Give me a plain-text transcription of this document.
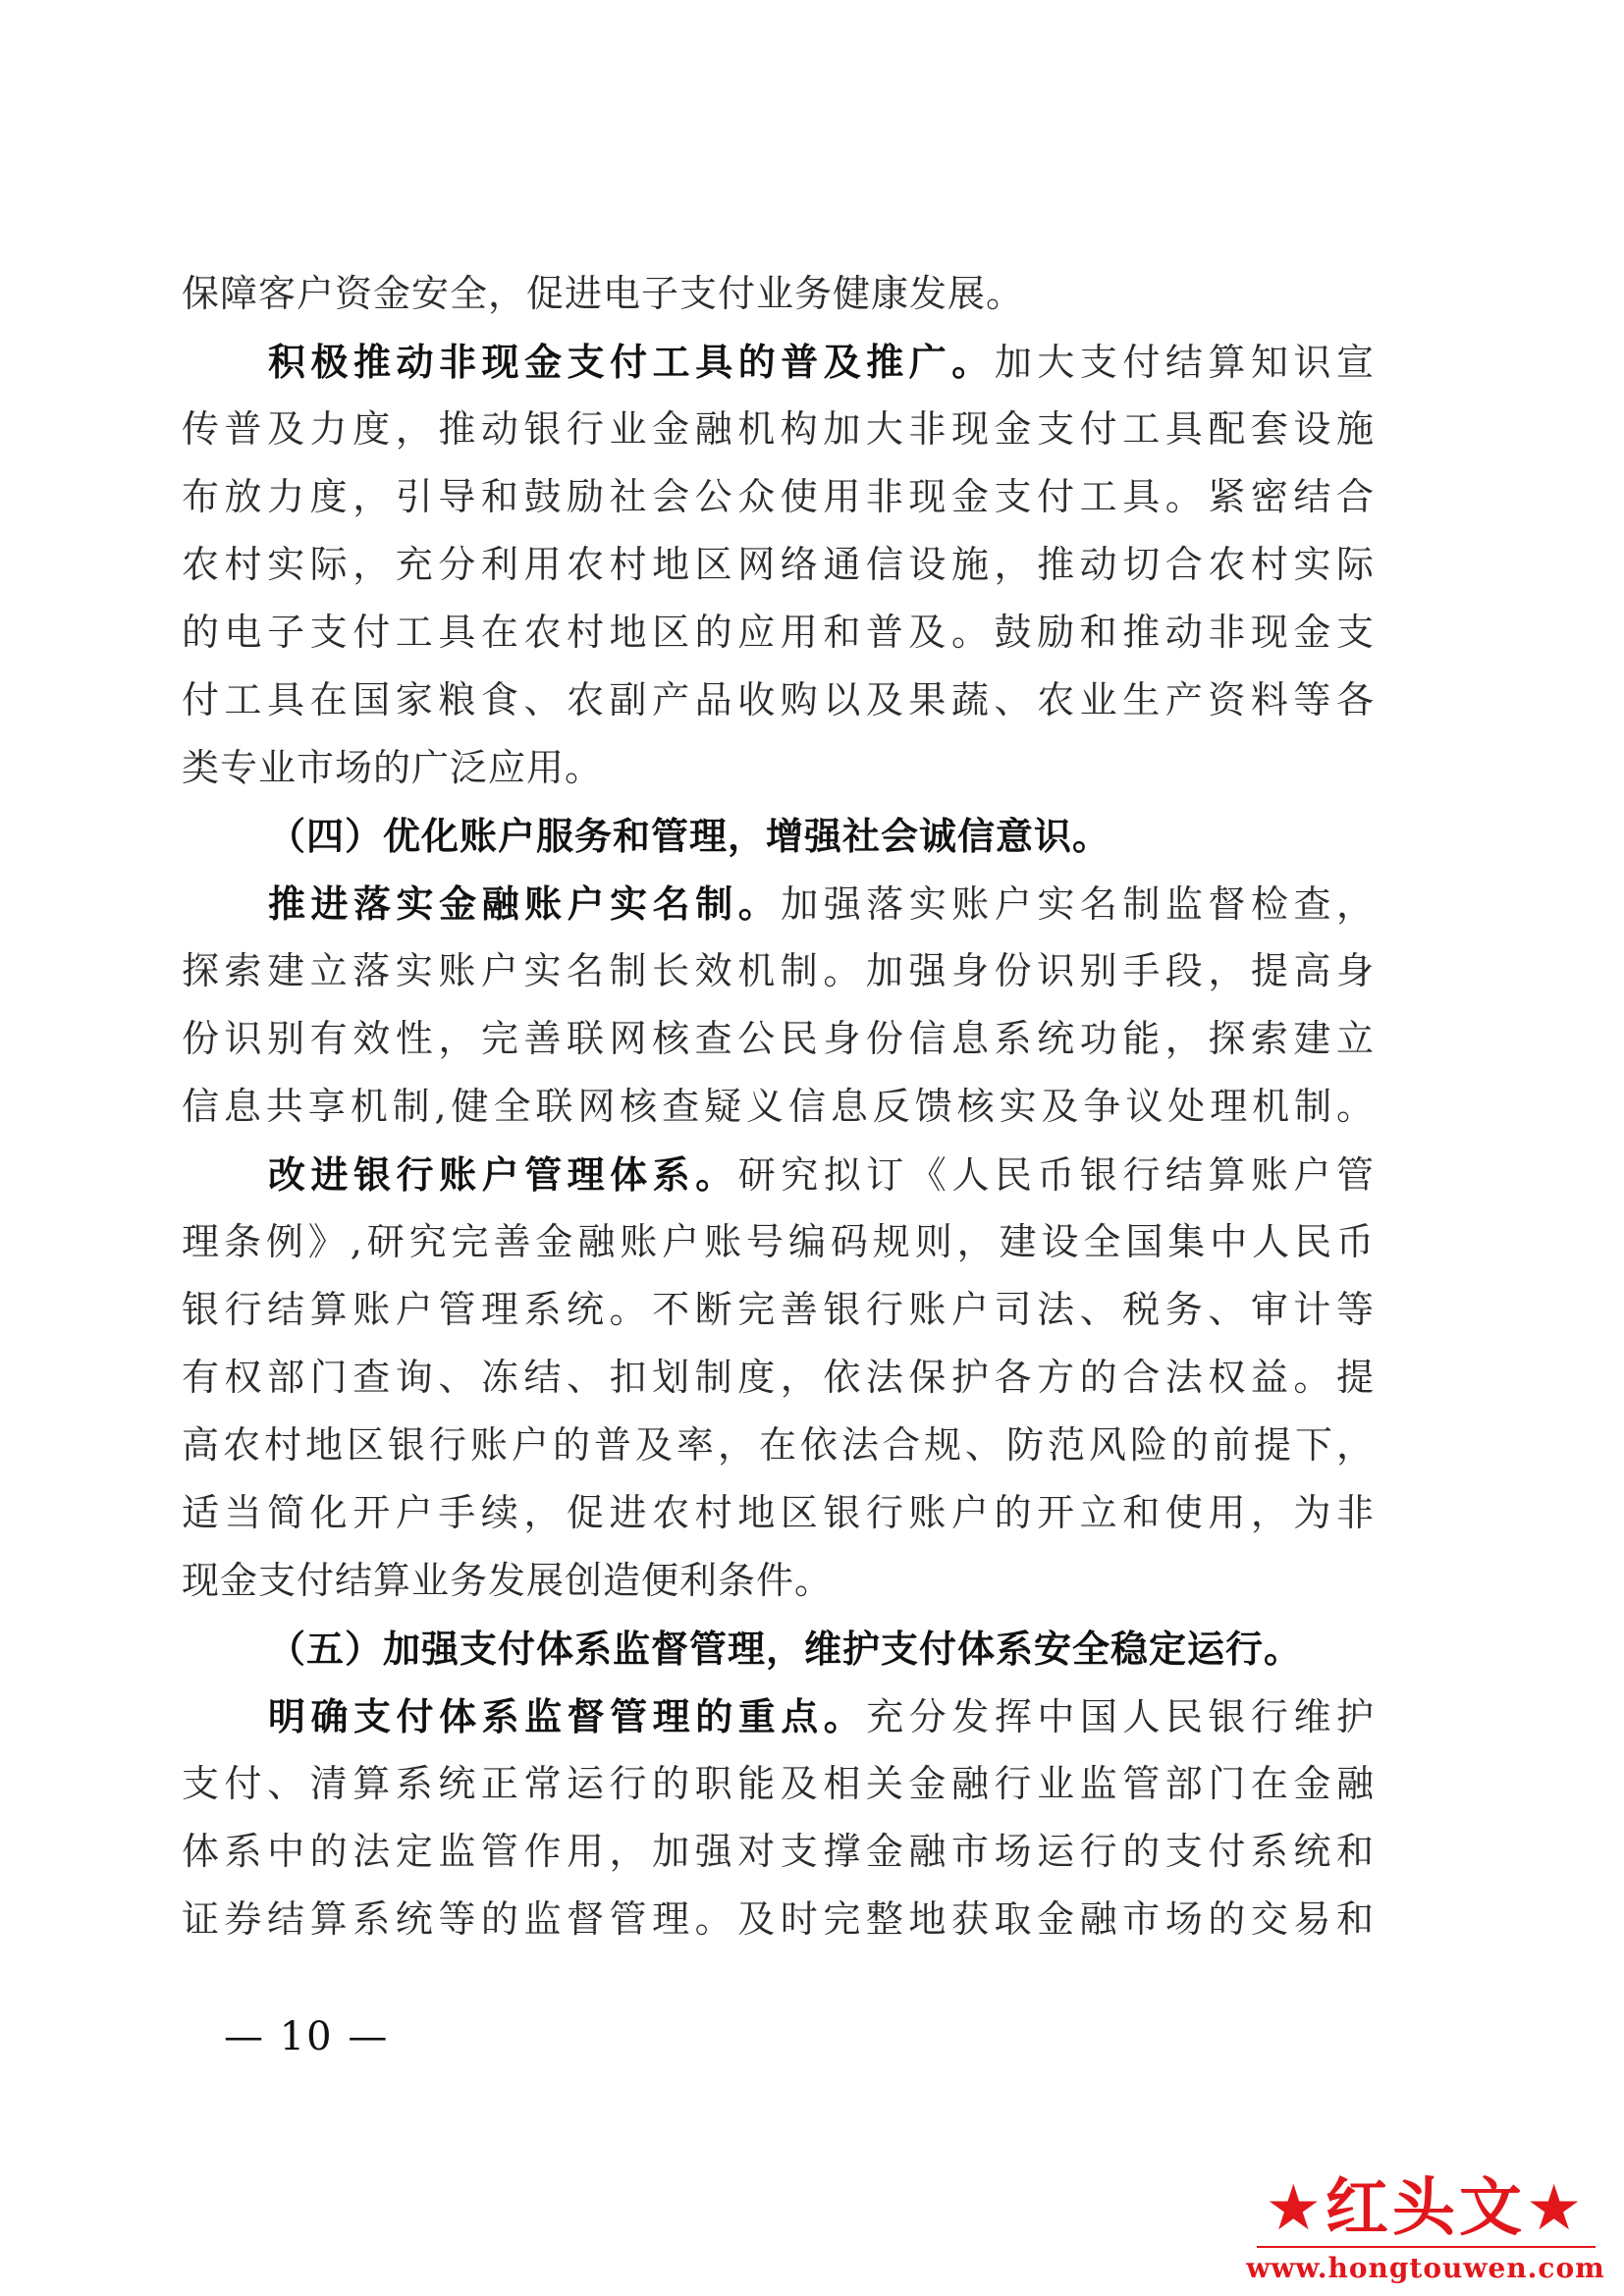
保障客户资金安全，促进电子支付业务健康发展。
积极推动非现金支付工具的普及推广。加大支付结算知识宣
传普及力度，推动银行业金融机构加大非现金支付工具配套设施
布放力度，引导和鼓励社会公众使用非现金支付工具。紧密结合
农村实际，充分利用农村地区网络通信设施，推动切合农村实际
的电子支付工具在农村地区的应用和普及。鼓励和推动非现金支
付工具在国家粮食、农副产品收购以及果蔬、农业生产资料等各
类专业市场的广泛应用。
（四）优化账户服务和管理，增强社会诚信意识。
推进落实金融账户实名制。加强落实账户实名制监督检查，
探索建立落实账户实名制长效机制。加强身份识别手段，提高身
份识别有效性，完善联网核查公民身份信息系统功能，探索建立
信息共享机制,健全联网核查疑义信息反馈核实及争议处理机制。
改进银行账户管理体系。研究拟订《人民币银行结算账户管
理条例》,研究完善金融账户账号编码规则，建设全国集中人民币
银行结算账户管理系统。不断完善银行账户司法、税务、审计等
有权部门查询、冻结、扣划制度，依法保护各方的合法权益。提
高农村地区银行账户的普及率，在依法合规、防范风险的前提下，
适当简化开户手续，促进农村地区银行账户的开立和使用，为非
现金支付结算业务发展创造便利条件。
（五）加强支付体系监督管理，维护支付体系安全稳定运行。
明确支付体系监督管理的重点。充分发挥中国人民银行维护
支付、清算系统正常运行的职能及相关金融行业监管部门在金融
体系中的法定监管作用，加强对支撑金融市场运行的支付系统和
证券结算系统等的监督管理。及时完整地获取金融市场的交易和
— 10 —
★红头文★
www.hongtouwen.com
